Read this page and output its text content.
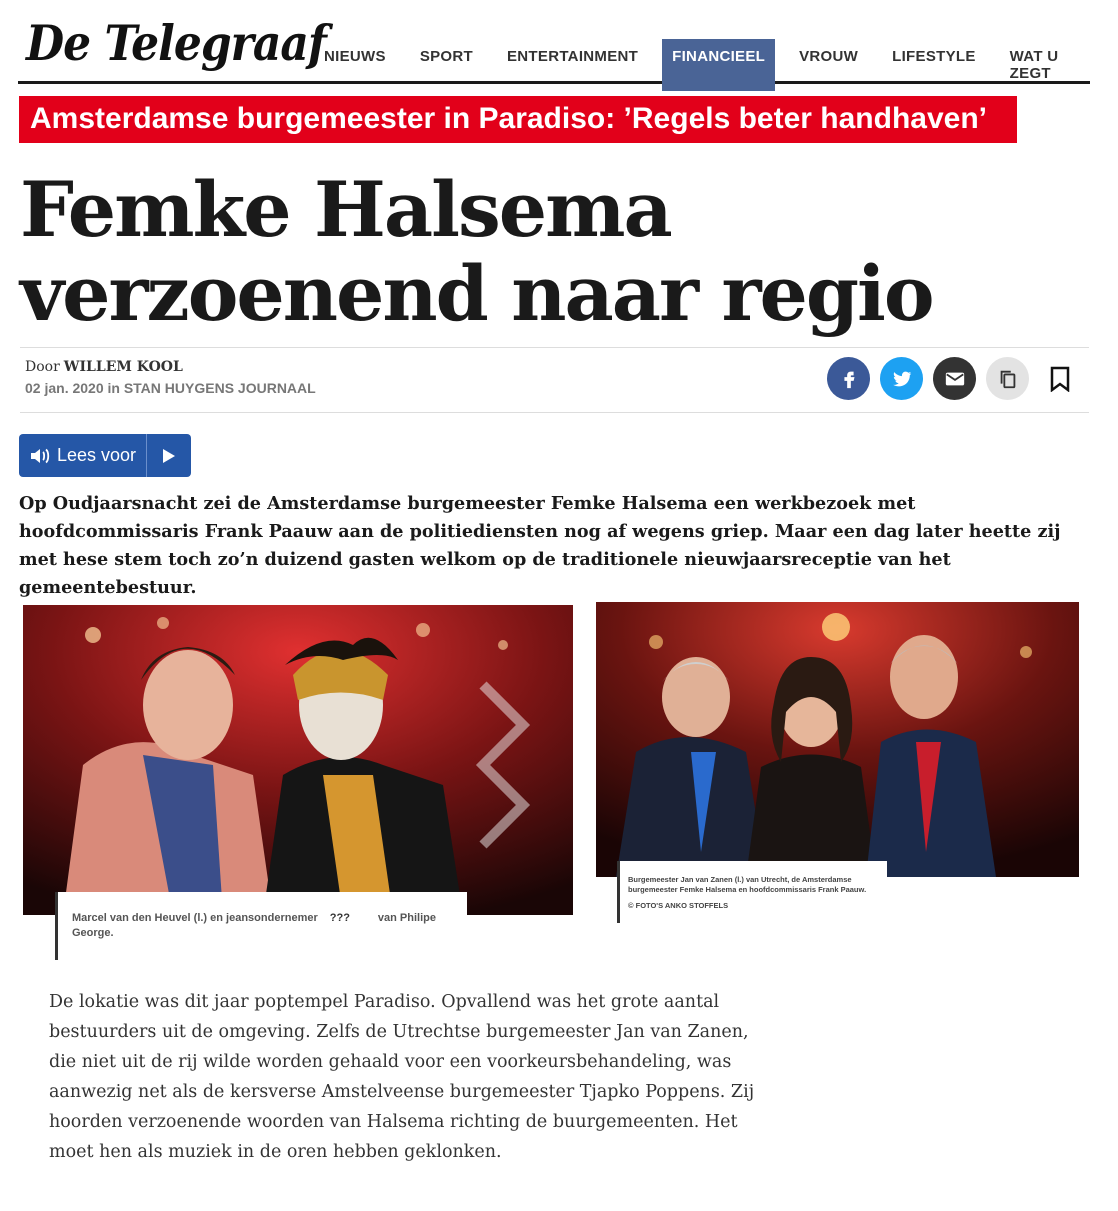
De Telegraaf
NIEUWS	SPORT	ENTERTAINMENT	FINANCIEEL	VROUW	LIFESTYLE	WAT U ZEGT
Amsterdamse burgemeester in Paradiso: ’Regels beter handhaven’
Femke Halsema verzoenend naar regio
Door WILLEM KOOL
02 jan. 2020 in STAN HUYGENS JOURNAAL
Lees voor

Op Oudjaarsnacht zei de Amsterdamse burgemeester Femke Halsema een werkbezoek met hoofdcommissaris Frank Paauw aan de politiediensten nog af wegens griep. Maar een dag later heette zij met hese stem toch zo’n duizend gasten welkom op de traditionele nieuwjaarsreceptie van het gemeentebestuur.

Marcel van den Heuvel (l.) en jeansondernemer ???	van Philipe George.
Burgemeester Jan van Zanen (l.) van Utrecht, de Amsterdamse burgemeester Femke Halsema en hoofdcommissaris Frank Paauw.
© FOTO'S ANKO STOFFELS

De lokatie was dit jaar poptempel Paradiso. Opvallend was het grote aantal bestuurders uit de omgeving. Zelfs de Utrechtse burgemeester Jan van Zanen, die niet uit de rij wilde worden gehaald voor een voorkeursbehandeling, was aanwezig net als de kersverse Amstelveense burgemeester Tjapko Poppens. Zij hoorden verzoenende woorden van Halsema richting de buurgemeenten. Het moet hen als muziek in de oren hebben geklonken.
